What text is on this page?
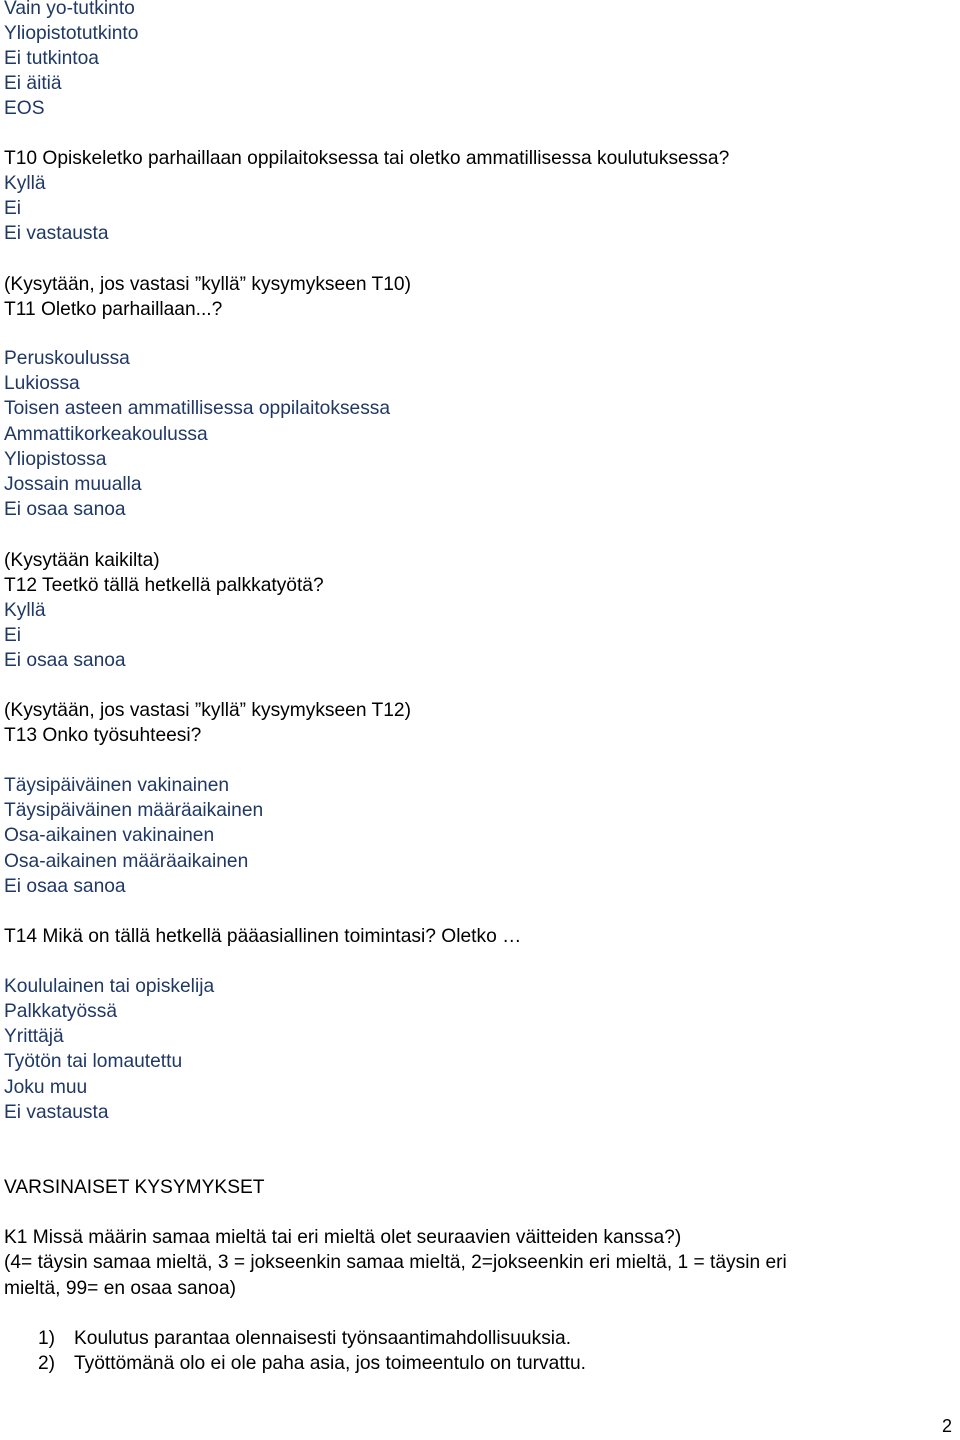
Vain yo-tutkinto
Yliopistotutkinto
Ei tutkintoa
Ei äitiä
EOS
T10 Opiskeletko parhaillaan oppilaitoksessa tai oletko ammatillisessa koulutuksessa?
Kyllä
Ei
Ei vastausta
(Kysytään, jos vastasi ”kyllä” kysymykseen T10)
T11 Oletko parhaillaan...?
Peruskoulussa
Lukiossa
Toisen asteen ammatillisessa oppilaitoksessa
Ammattikorkeakoulussa
Yliopistossa
Jossain muualla
Ei osaa sanoa
(Kysytään kaikilta)
T12 Teetkö tällä hetkellä palkkatyötä?
Kyllä
Ei
Ei osaa sanoa
(Kysytään, jos vastasi ”kyllä” kysymykseen T12)
T13 Onko työsuhteesi?
Täysipäiväinen vakinainen
Täysipäiväinen määräaikainen
Osa-aikainen vakinainen
Osa-aikainen määräaikainen
Ei osaa sanoa
T14 Mikä on tällä hetkellä pääasiallinen toimintasi? Oletko …
Koululainen tai opiskelija
Palkkatyössä
Yrittäjä
Työtön tai lomautettu
Joku muu
Ei vastausta
VARSINAISET KYSYMYKSET
K1 Missä määrin samaa mieltä tai eri mieltä olet seuraavien väitteiden kanssa?)
(4= täysin samaa mieltä, 3 = jokseenkin samaa mieltä, 2=jokseenkin eri mieltä, 1 = täysin eri
mieltä, 99= en osaa sanoa)
1) Koulutus parantaa olennaisesti työnsaantimahdollisuuksia.
2) Työttömänä olo ei ole paha asia, jos toimeentulo on turvattu.
2
